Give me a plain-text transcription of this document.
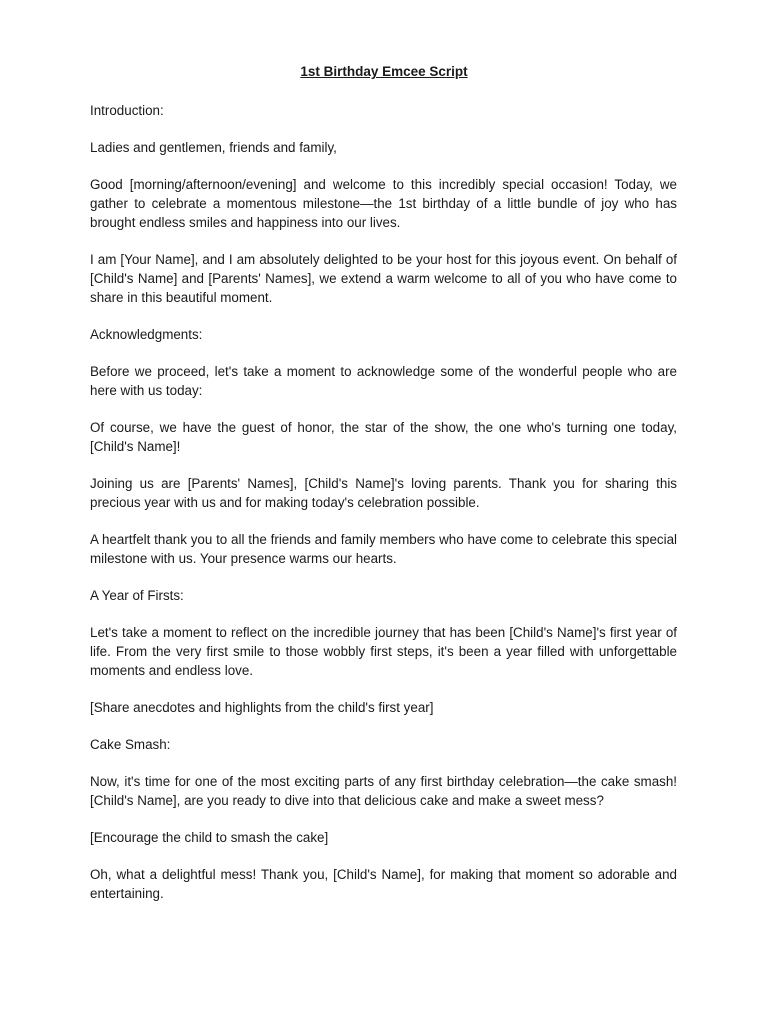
1st Birthday Emcee Script

Introduction:

Ladies and gentlemen, friends and family,

Good [morning/afternoon/evening] and welcome to this incredibly special occasion! Today, we gather to celebrate a momentous milestone—the 1st birthday of a little bundle of joy who has brought endless smiles and happiness into our lives.

I am [Your Name], and I am absolutely delighted to be your host for this joyous event. On behalf of [Child's Name] and [Parents' Names], we extend a warm welcome to all of you who have come to share in this beautiful moment.

Acknowledgments:

Before we proceed, let's take a moment to acknowledge some of the wonderful people who are here with us today:

Of course, we have the guest of honor, the star of the show, the one who's turning one today, [Child's Name]!

Joining us are [Parents' Names], [Child's Name]'s loving parents. Thank you for sharing this precious year with us and for making today's celebration possible.

A heartfelt thank you to all the friends and family members who have come to celebrate this special milestone with us. Your presence warms our hearts.

A Year of Firsts:

Let's take a moment to reflect on the incredible journey that has been [Child's Name]'s first year of life. From the very first smile to those wobbly first steps, it's been a year filled with unforgettable moments and endless love.

[Share anecdotes and highlights from the child's first year]

Cake Smash:

Now, it's time for one of the most exciting parts of any first birthday celebration—the cake smash! [Child's Name], are you ready to dive into that delicious cake and make a sweet mess?

[Encourage the child to smash the cake]

Oh, what a delightful mess! Thank you, [Child's Name], for making that moment so adorable and entertaining.
